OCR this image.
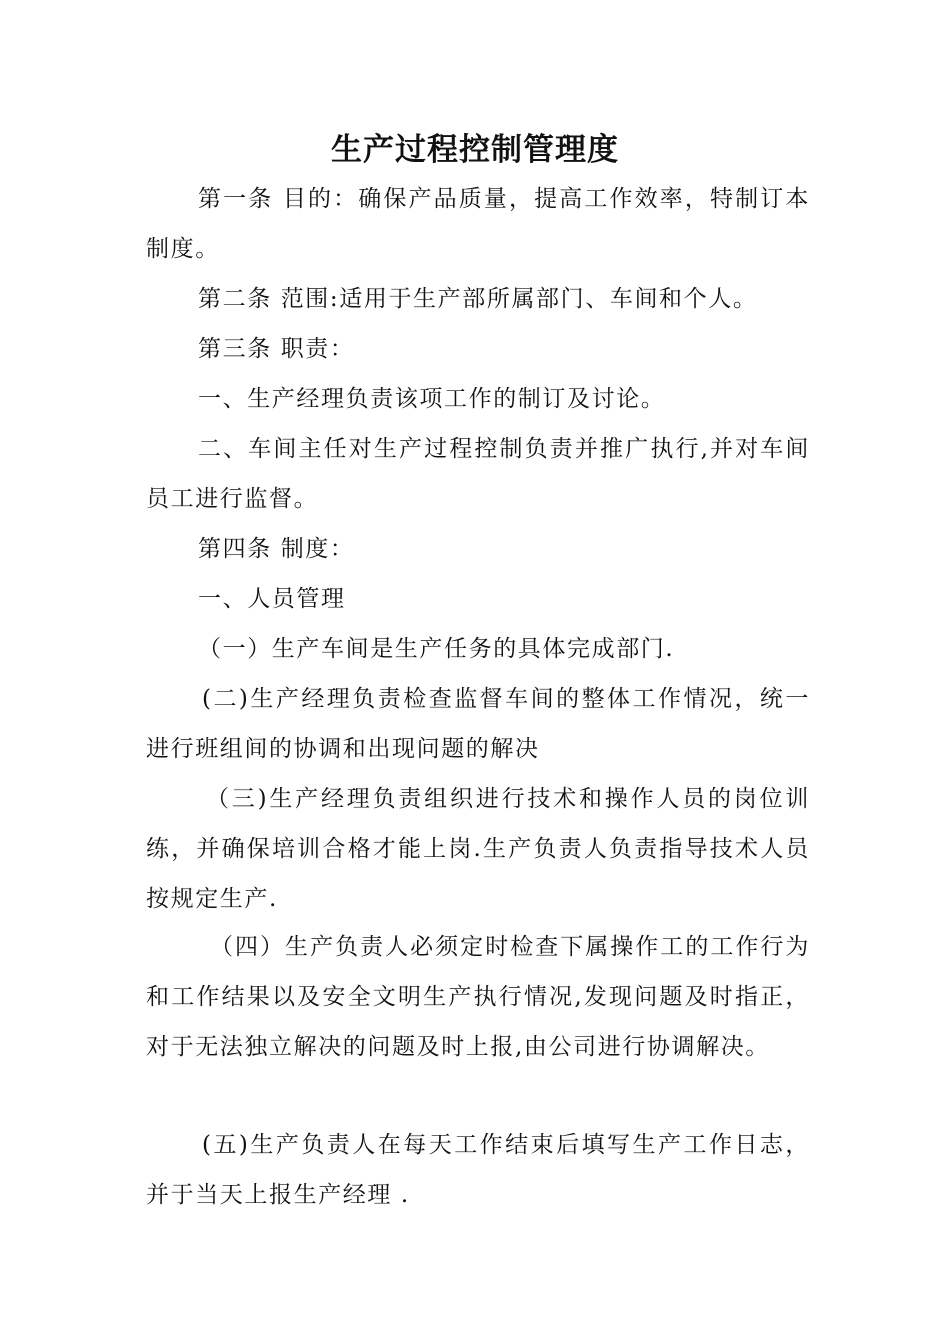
生产过程控制管理度
第一条 目的：确保产品质量，提高工作效率，特制订本制度。
第二条 范围:适用于生产部所属部门、车间和个人。
第三条 职责：
一、生产经理负责该项工作的制订及讨论。
二、车间主任对生产过程控制负责并推广执行,并对车间员工进行监督。
第四条 制度：
一、人员管理
（一）生产车间是生产任务的具体完成部门.
(二)生产经理负责检查监督车间的整体工作情况，统一进行班组间的协调和出现问题的解决
（三)生产经理负责组织进行技术和操作人员的岗位训练，并确保培训合格才能上岗.生产负责人负责指导技术人员按规定生产.
（四）生产负责人必须定时检查下属操作工的工作行为和工作结果以及安全文明生产执行情况,发现问题及时指正，对于无法独立解决的问题及时上报,由公司进行协调解决。
(五)生产负责人在每天工作结束后填写生产工作日志，并于当天上报生产经理 .
